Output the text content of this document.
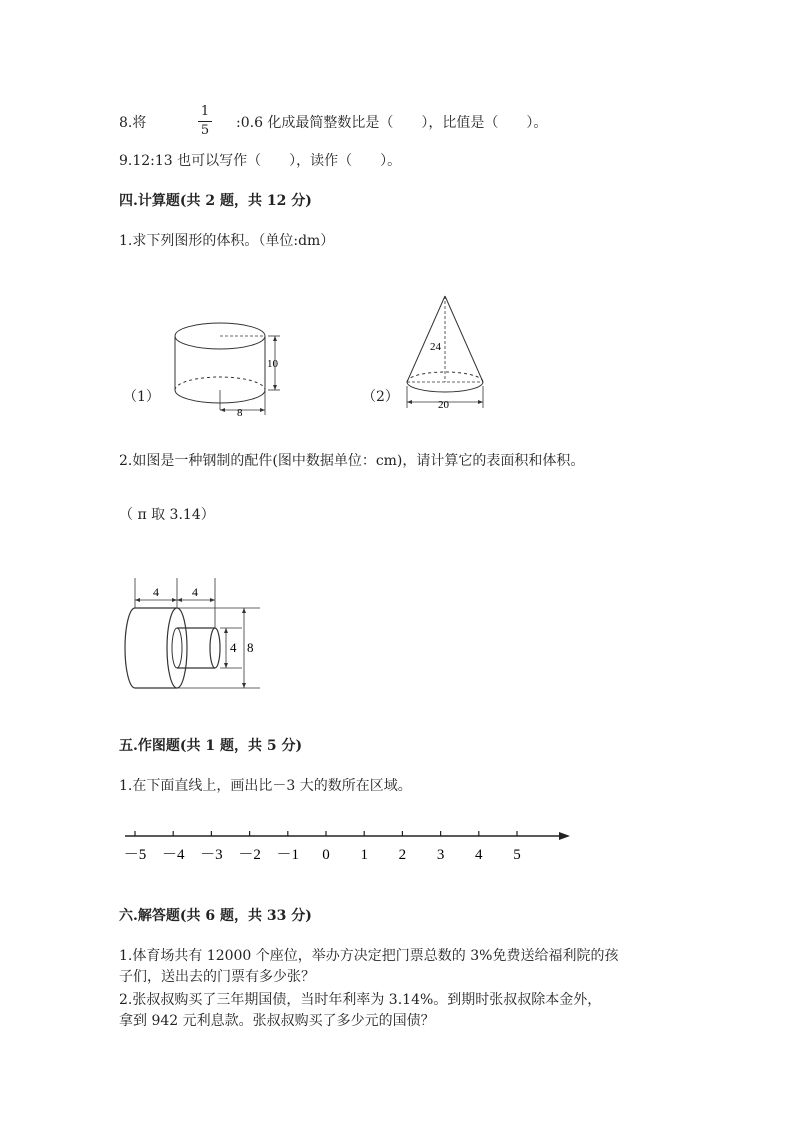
8.将
1
5 :0.6 化成最简整数比是（　　），比值是（　　）。
9.12:13 也可以写作（　　），读作（　　）。
四.计算题(共 2 题，共 12 分)
1.求下列图形的体积。（单位:dm）
10
8
24
20
（1）	（2）
2.如图是一种钢制的配件(图中数据单位：cm)，请计算它的表面积和体积。
（ π 取 3.14）
4	4
4 8
五.作图题(共 1 题，共 5 分)
1.在下面直线上，画出比－3 大的数所在区域。
－5 －4 －3 －2 －1 0 1 2 3 4 5
六.解答题(共 6 题，共 33 分)
1.体育场共有 12000 个座位，举办方决定把门票总数的 3%免费送给福利院的孩
子们，送出去的门票有多少张？
2.张叔叔购买了三年期国债，当时年利率为 3.14%。到期时张叔叔除本金外，
拿到 942 元利息款。张叔叔购买了多少元的国债？
